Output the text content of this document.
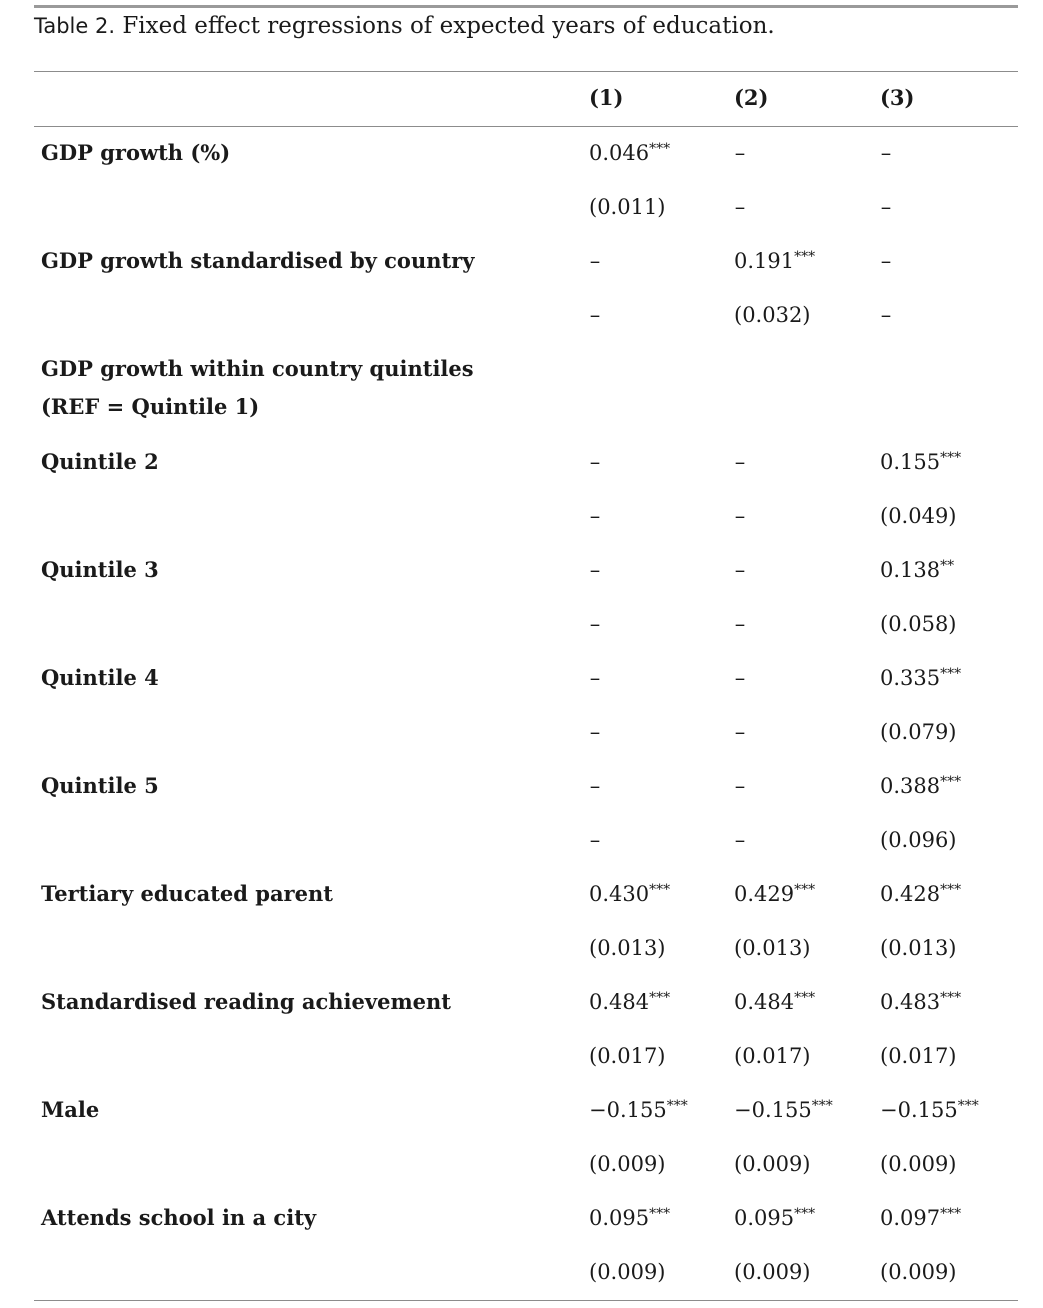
Table 2. Fixed effect regressions of expected years of education.
(1)	(2)	(3)
GDP growth (%)	0.046***	–	–
(0.011)	–	–
GDP growth standardised by country	–	0.191***	–
–	(0.032)	–
GDP growth within country quintiles
(REF = Quintile 1)
Quintile 2	–	–	0.155***
–	–	(0.049)
Quintile 3	–	–	0.138**
–	–	(0.058)
Quintile 4	–	–	0.335***
–	–	(0.079)
Quintile 5	–	–	0.388***
–	–	(0.096)
Tertiary educated parent	0.430***	0.429***	0.428***
(0.013)	(0.013)	(0.013)
Standardised reading achievement	0.484***	0.484***	0.483***
(0.017)	(0.017)	(0.017)
Male	−0.155*** −0.155*** −0.155***
(0.009)	(0.009)	(0.009)
Attends school in a city	0.095***	0.095***	0.097***
(0.009)	(0.009)	(0.009)
